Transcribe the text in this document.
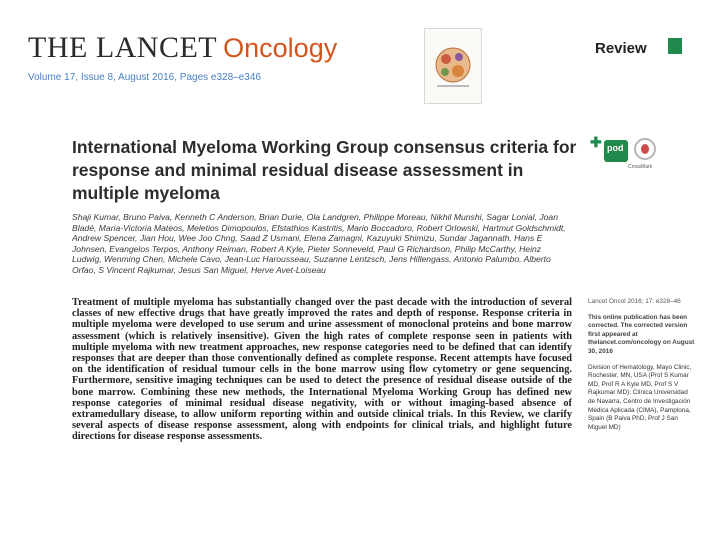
THE LANCET Oncology
Volume 17, Issue 8, August 2016, Pages e328–e346
Review
International Myeloma Working Group consensus criteria for response and minimal residual disease assessment in multiple myeloma
✚ pod
CrossMark
Shaji Kumar, Bruno Paiva, Kenneth C Anderson, Brian Durie, Ola Landgren, Philippe Moreau, Nikhil Munshi, Sagar Lonial, Joan Bladé, Maria-Victoria Mateos, Meletios Dimopoulos, Efstathios Kastritis, Mario Boccadoro, Robert Orlowski, Hartmut Goldschmidt, Andrew Spencer, Jian Hou, Wee Joo Chng, Saad Z Usmani, Elena Zamagni, Kazuyuki Shimizu, Sundar Jagannath, Hans E Johnsen, Evangelos Terpos, Anthony Reiman, Robert A Kyle, Pieter Sonneveld, Paul G Richardson, Philip McCarthy, Heinz Ludwig, Wenming Chen, Michele Cavo, Jean-Luc Harousseau, Suzanne Lentzsch, Jens Hillengass, Antonio Palumbo, Alberto Orfao, S Vincent Rajkumar, Jesus San Miguel, Herve Avet-Loiseau
Treatment of multiple myeloma has substantially changed over the past decade with the introduction of several classes of new effective drugs that have greatly improved the rates and depth of response. Response criteria in multiple myeloma were developed to use serum and urine assessment of monoclonal proteins and bone marrow assessment (which is relatively insensitive). Given the high rates of complete response seen in patients with multiple myeloma with new treatment approaches, new response categories need to be defined that can identify responses that are deeper than those conventionally defined as complete response. Recent attempts have focused on the identification of residual tumour cells in the bone marrow using flow cytometry or gene sequencing. Furthermore, sensitive imaging techniques can be used to detect the presence of residual disease outside of the bone marrow. Combining these new methods, the International Myeloma Working Group has defined new response categories of minimal residual disease negativity, with or without imaging-based absence of extramedullary disease, to allow uniform reporting within and outside clinical trials. In this Review, we clarify several aspects of disease response assessment, along with endpoints for clinical trials, and highlight future directions for disease response assessments.

Lancet Oncol 2016; 17: e328–46

This online publication has been corrected. The corrected version first appeared at thelancet.com/oncology on August 30, 2016

Division of Hematology, Mayo Clinic, Rochester, MN, USA (Prof S Kumar MD, Prof R A Kyle MD, Prof S V Rajkumar MD); Clínica Universidad de Navarra, Centro de Investigación Médica Aplicada (CIMA), Pamplona, Spain (B Paiva PhD, Prof J San Miguel MD)
